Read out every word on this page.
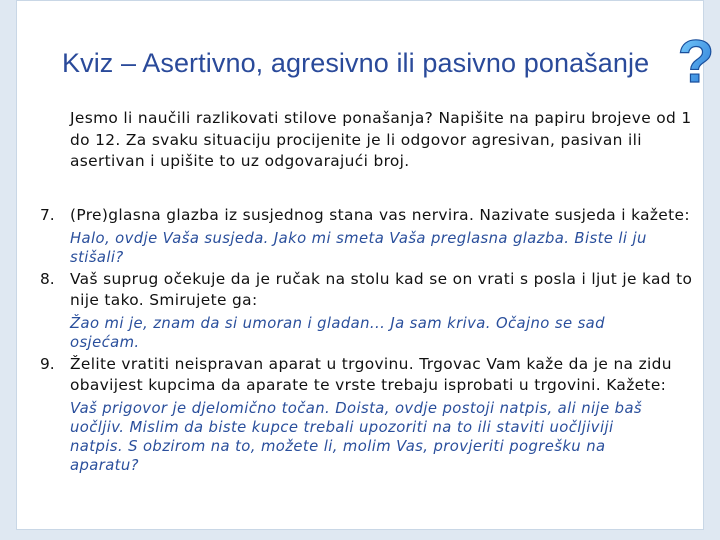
Kviz – Asertivno, agresivno ili pasivno ponašanje ?
Jesmo li naučili razlikovati stilove ponašanja? Napišite na papiru brojeve od 1
do 12. Za svaku situaciju procijenite je li odgovor agresivan, pasivan ili
asertivan i upišite to uz odgovarajući broj.
7. (Pre)glasna glazba iz susjednog stana vas nervira. Nazivate susjeda i kažete:
Halo, ovdje Vaša susjeda. Jako mi smeta Vaša preglasna glazba. Biste li ju
stišali?
8. Vaš suprug očekuje da je ručak na stolu kad se on vrati s posla i ljut je kad to
nije tako. Smirujete ga:
Žao mi je, znam da si umoran i gladan... Ja sam kriva. Očajno se sad
osjećam.
9. Želite vratiti neispravan aparat u trgovinu. Trgovac Vam kaže da je na zidu
obavijest kupcima da aparate te vrste trebaju isprobati u trgovini. Kažete:
Vaš prigovor je djelomično točan. Doista, ovdje postoji natpis, ali nije baš
uočljiv. Mislim da biste kupce trebali upozoriti na to ili staviti uočljiviji
natpis. S obzirom na to, možete li, molim Vas, provjeriti pogrešku na
aparatu?
